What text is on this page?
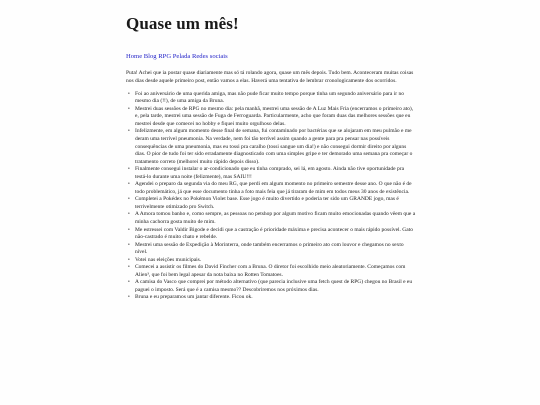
Quase um mês!
Home Blog RPG Pelada Redes sociais

Puta! Achei que ia postar quase diariamente mas só tá rolando agora, quase um mês depois. Tudo bem. Aconteceram muitas coisas nos dias desde aquele primeiro post, então vamos a elas. Haverá uma tentativa de lembrar cronologicamente dos ocorridos.

• Foi ao aniversário de uma querida amiga, mas não pude ficar muito tempo porque tinha um segundo aniversário para ir no mesmo dia (!!), de uma amiga da Bruna.
• Mestrei duas sessões de RPG no mesmo dia: pela manhã, mestrei uma sessão de A Luz Mais Fria (encerramos o primeiro ato), e, pela tarde, mestrei uma sessão de Fuga de Ferroguarda. Particularmente, acho que foram duas das melhores sessões que eu mestrei desde que comecei no hobby e fiquei muito orgulhoso delas.
• Infelizmente, em algum momento desse final de semana, fui contaminado por bactérias que se alojaram em meu pulmão e me deram uma terrível pneumonia. Na verdade, nem foi tão terrível assim quando a gente para pra pensar nas possíveis consequências de uma pneumonia, mas eu tossi pra caralho (tossi sangue um dia!) e não consegui dormir direito por alguns dias. O pior de tudo foi ter sido erradamente diagnosticado com uma simples gripe e ter demorado uma semana pra começar o tratamento correto (melhorei muito rápido depois disso).
• Finalmente consegui instalar o ar-condicionado que eu tinha comprado, sei lá, em agosto. Ainda não tive oportunidade pra testá-lo durante uma noite (felizmente), mas SAIU!!!
• Agendei o preparo da segunda via do meu RG, que perdi em algum momento no primeiro semestre desse ano. O que não é de todo problemático, já que esse documento tinha a foto mais feia que já tiraram de mim em todos meus 30 anos de existência.
• Completei a Pokédex no Pokémon Violet base. Esse jogo é muito divertido e poderia ter sido um GRANDE jogo, mas é terrivelmente otimizado pro Switch.
• A Amora tomou banho e, como sempre, as pessoas no petshop por algum motivo ficam muito emocionadas quando vêem que a minha cachorra gosta muito de mim.
• Me estressei com Valdir Bigode e decidi que a castração é prioridade máxima e precisa acontecer o mais rápido possível. Gato não-castrado é muito chato e rebelde.
• Mestrei uma sessão de Expedição à Morinterra, onde também encerramos o primeiro ato com louvor e chegamos no sexto nível.
• Votei nas eleições municipais.
• Comecei a assistir os filmes do David Fincher com a Bruna. O diretor foi escolhido meio aleatoriamente. Começamos com Alien³, que foi bem legal apesar da nota baixa no Rotten Tomatoes.
• A camisa do Vasco que comprei por método alternativo (que parecia inclusive uma fetch quest de RPG) chegou no Brasil e eu paguei o imposto. Será que é a camisa mesmo?? Descobriremos nos próximos dias.
• Bruna e eu preparamos um jantar diferente. Ficou ok.
